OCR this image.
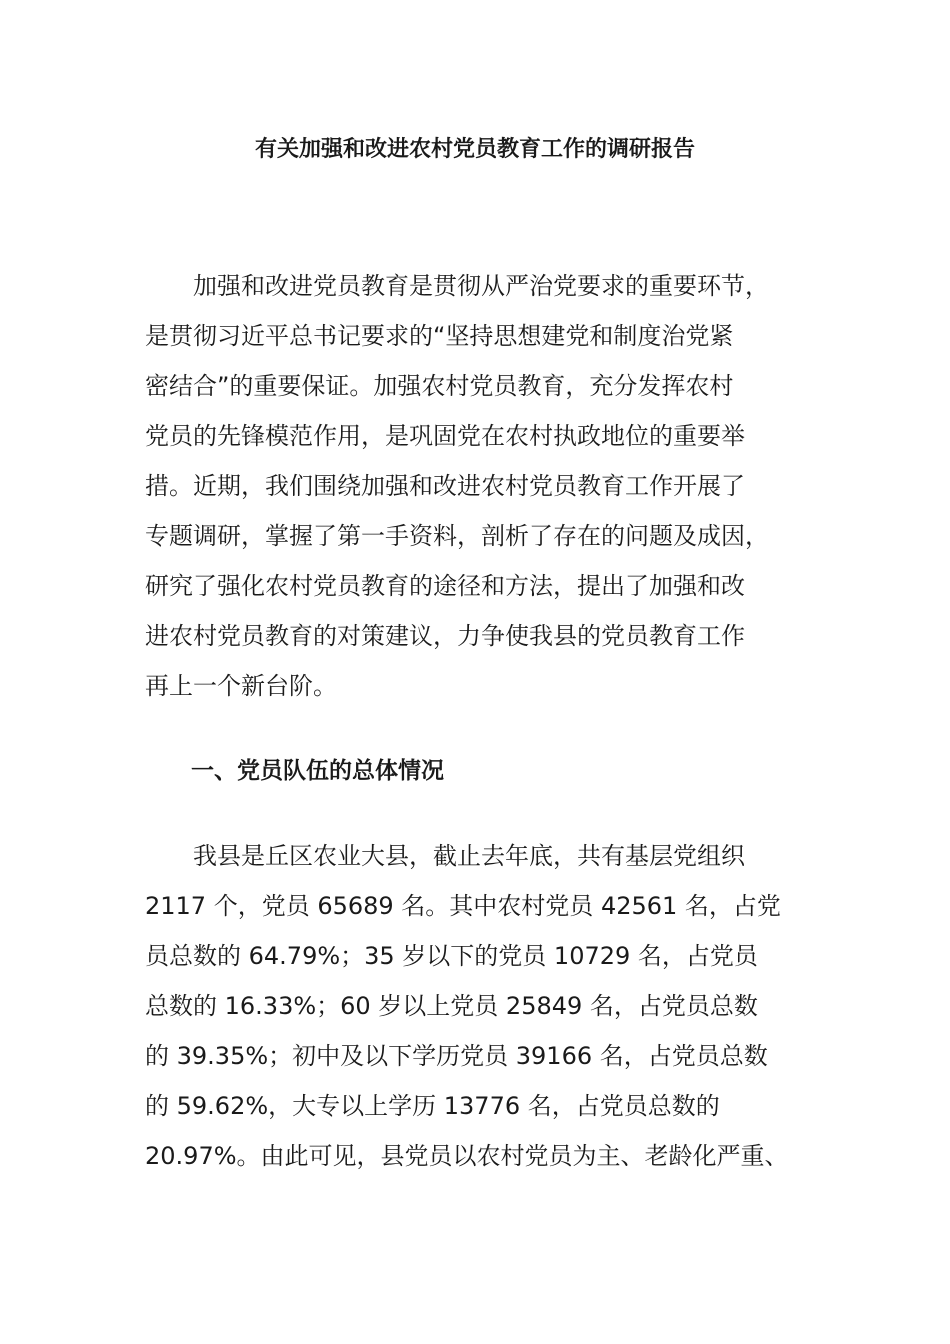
有关加强和改进农村党员教育工作的调研报告
　　加强和改进党员教育是贯彻从严治党要求的重要环节，
是贯彻习近平总书记要求的“坚持思想建党和制度治党紧
密结合”的重要保证。加强农村党员教育，充分发挥农村
党员的先锋模范作用，是巩固党在农村执政地位的重要举
措。近期，我们围绕加强和改进农村党员教育工作开展了
专题调研，掌握了第一手资料，剖析了存在的问题及成因，
研究了强化农村党员教育的途径和方法，提出了加强和改
进农村党员教育的对策建议，力争使我县的党员教育工作
再上一个新台阶。
　　一、党员队伍的总体情况
　　我县是丘区农业大县，截止去年底，共有基层党组织
2117 个，党员 65689 名。其中农村党员 42561 名，占党
员总数的 64.79%；35 岁以下的党员 10729 名，占党员
总数的 16.33%；60 岁以上党员 25849 名，占党员总数
的 39.35%；初中及以下学历党员 39166 名，占党员总数
的 59.62%，大专以上学历 13776 名，占党员总数的
20.97%。由此可见，县党员以农村党员为主、老龄化严重、
